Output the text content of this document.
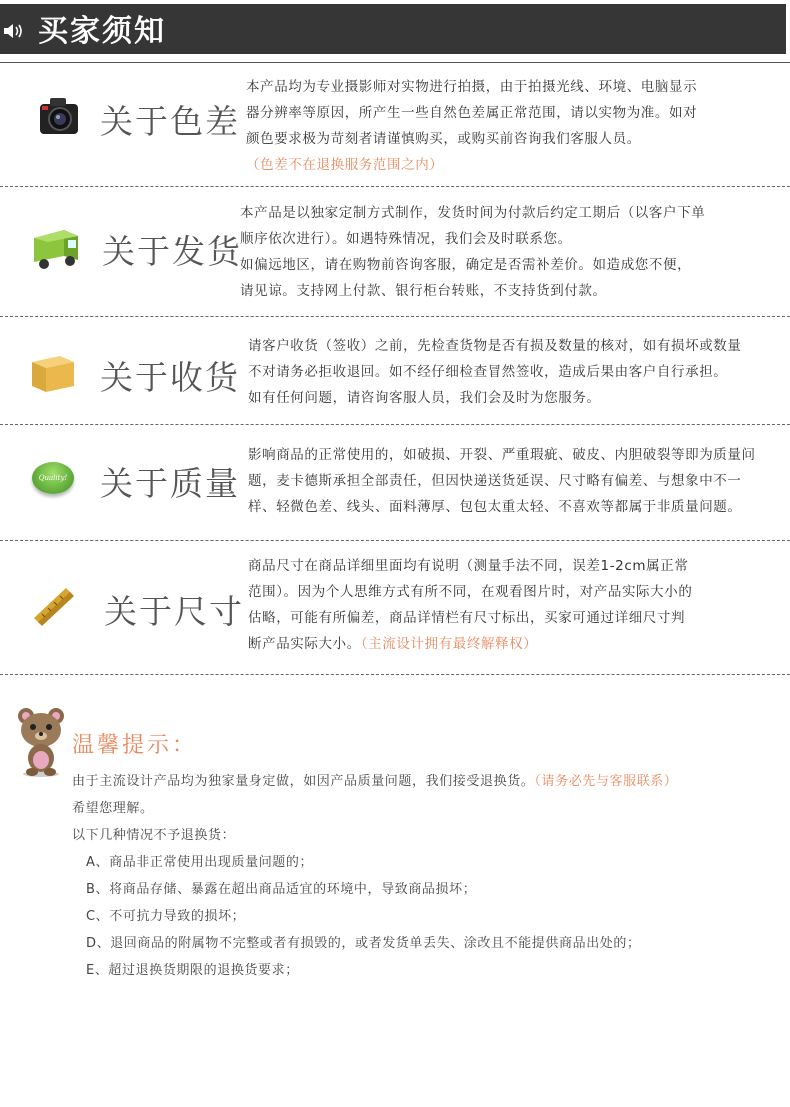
买家须知
关于色差
本产品均为专业摄影师对实物进行拍摄，由于拍摄光线、环境、电脑显示
器分辨率等原因，所产生一些自然色差属正常范围，请以实物为准。如对
颜色要求极为苛刻者请谨慎购买，或购买前咨询我们客服人员。
（色差不在退换服务范围之内）
关于发货
本产品是以独家定制方式制作，发货时间为付款后约定工期后（以客户下单
顺序依次进行）。如遇特殊情况，我们会及时联系您。
如偏远地区，请在购物前咨询客服，确定是否需补差价。如造成您不便，
请见谅。支持网上付款、银行柜台转账，不支持货到付款。
关于收货
请客户收货（签收）之前，先检查货物是否有损及数量的核对，如有损坏或数量
不对请务必拒收退回。如不经仔细检查冒然签收，造成后果由客户自行承担。
如有任何问题，请咨询客服人员，我们会及时为您服务。
Quality! 关于质量
影响商品的正常使用的，如破损、开裂、严重瑕疵、破皮、内胆破裂等即为质量问
题，麦卡德斯承担全部责任，但因快递送货延误、尺寸略有偏差、与想象中不一
样、轻微色差、线头、面料薄厚、包包太重太轻、不喜欢等都属于非质量问题。
关于尺寸
商品尺寸在商品详细里面均有说明（测量手法不同，误差1-2cm属正常
范围）。因为个人思维方式有所不同，在观看图片时，对产品实际大小的
估略，可能有所偏差，商品详情栏有尺寸标出，买家可通过详细尺寸判
断产品实际大小。（主流设计拥有最终解释权）
温馨提示：
由于主流设计产品均为独家量身定做，如因产品质量问题，我们接受退换货。（请务必先与客服联系）
希望您理解。
以下几种情况不予退换货：
A、商品非正常使用出现质量问题的；
B、将商品存储、暴露在超出商品适宜的环境中，导致商品损坏；
C、不可抗力导致的损坏；
D、退回商品的附属物不完整或者有损毁的，或者发货单丢失、涂改且不能提供商品出处的；
E、超过退换货期限的退换货要求；
